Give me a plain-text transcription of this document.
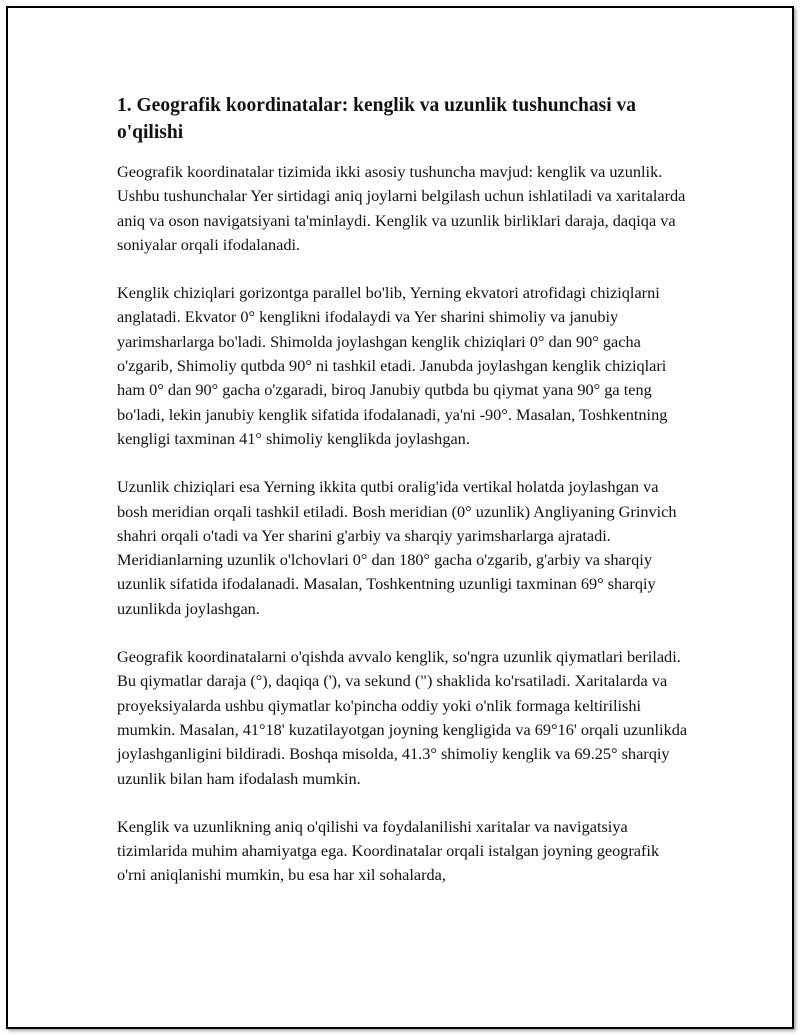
1. Geografik koordinatalar: kenglik va uzunlik tushunchasi va o'qilishi

Geografik koordinatalar tizimida ikki asosiy tushuncha mavjud: kenglik va uzunlik. Ushbu tushunchalar Yer sirtidagi aniq joylarni belgilash uchun ishlatiladi va xaritalarda aniq va oson navigatsiyani ta'minlaydi. Kenglik va uzunlik birliklari daraja, daqiqa va soniyalar orqali ifodalanadi.

Kenglik chiziqlari gorizontga parallel bo'lib, Yerning ekvatori atrofidagi chiziqlarni anglatadi. Ekvator 0° kenglikni ifodalaydi va Yer sharini shimoliy va janubiy yarimsharlarga bo'ladi. Shimolda joylashgan kenglik chiziqlari 0° dan 90° gacha o'zgarib, Shimoliy qutbda 90° ni tashkil etadi. Janubda joylashgan kenglik chiziqlari ham 0° dan 90° gacha o'zgaradi, biroq Janubiy qutbda bu qiymat yana 90° ga teng bo'ladi, lekin janubiy kenglik sifatida ifodalanadi, ya'ni -90°. Masalan, Toshkentning kengligi taxminan 41° shimoliy kenglikda joylashgan.

Uzunlik chiziqlari esa Yerning ikkita qutbi oralig'ida vertikal holatda joylashgan va bosh meridian orqali tashkil etiladi. Bosh meridian (0° uzunlik) Angliyaning Grinvich shahri orqali o'tadi va Yer sharini g'arbiy va sharqiy yarimsharlarga ajratadi. Meridianlarning uzunlik o'lchovlari 0° dan 180° gacha o'zgarib, g'arbiy va sharqiy uzunlik sifatida ifodalanadi. Masalan, Toshkentning uzunligi taxminan 69° sharqiy uzunlikda joylashgan.

Geografik koordinatalarni o'qishda avvalo kenglik, so'ngra uzunlik qiymatlari beriladi. Bu qiymatlar daraja (°), daqiqa ('), va sekund (") shaklida ko'rsatiladi. Xaritalarda va proyeksiyalarda ushbu qiymatlar ko'pincha oddiy yoki o'nlik formaga keltirilishi mumkin. Masalan, 41°18' kuzatilayotgan joyning kengligida va 69°16' orqali uzunlikda joylashganligini bildiradi. Boshqa misolda, 41.3° shimoliy kenglik va 69.25° sharqiy uzunlik bilan ham ifodalash mumkin.

Kenglik va uzunlikning aniq o'qilishi va foydalanilishi xaritalar va navigatsiya tizimlarida muhim ahamiyatga ega. Koordinatalar orqali istalgan joyning geografik o'rni aniqlanishi mumkin, bu esa har xil sohalarda,
